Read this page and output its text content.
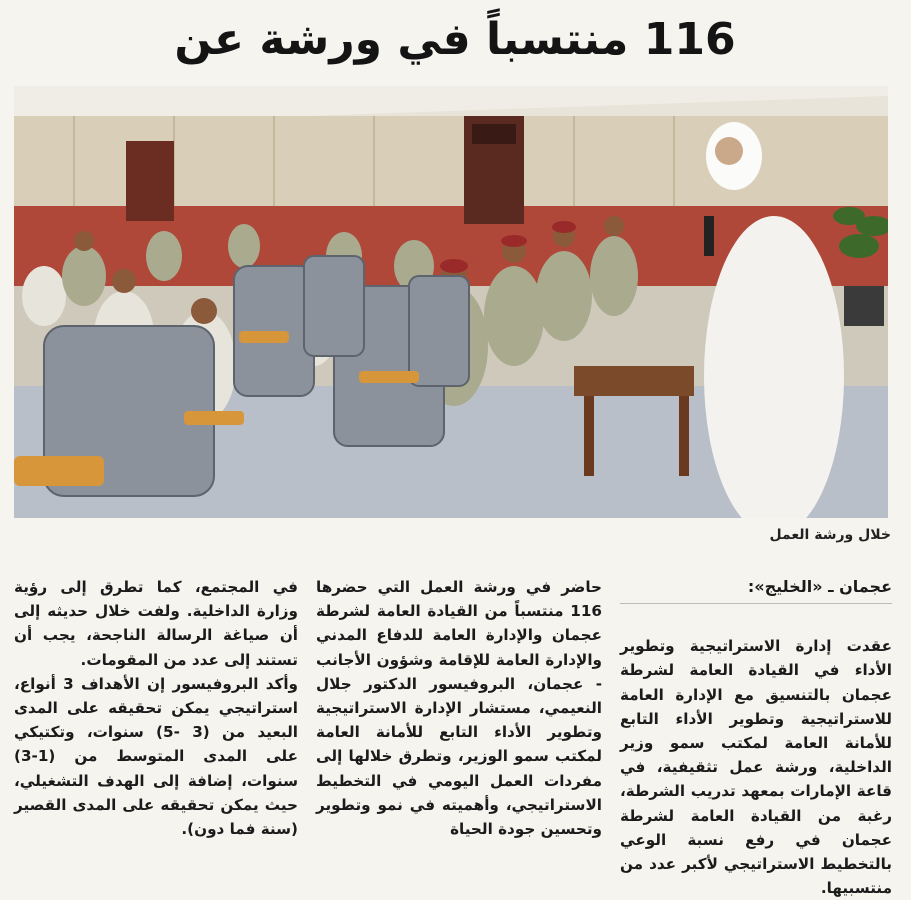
116 منتسباً في ورشة عن
خلال ورشة العمل
عجمان ـ «الخليج»:

عقدت إدارة الاستراتيجية وتطوير الأداء في القيادة العامة لشرطة عجمان بالتنسيق مع الإدارة العامة للاستراتيجية وتطوير الأداء التابع للأمانة العامة لمكتب سمو وزير الداخلية، ورشة عمل تثقيفية، في قاعة الإمارات بمعهد تدريب الشرطة، رغبة من القيادة العامة لشرطة عجمان في رفع نسبة الوعي بالتخطيط الاستراتيجي لأكبر عدد من منتسبيها.

حاضر في ورشة العمل التي حضرها 116 منتسباً من القيادة العامة لشرطة عجمان والإدارة العامة للدفاع المدني والإدارة العامة للإقامة وشؤون الأجانب - عجمان، البروفيسور الدكتور جلال النعيمي، مستشار الإدارة الاستراتيجية وتطوير الأداء التابع للأمانة العامة لمكتب سمو الوزير، وتطرق خلالها إلى مفردات العمل اليومي في التخطيط الاستراتيجي، وأهميته في نمو وتطوير وتحسين جودة الحياة

في المجتمع، كما تطرق إلى رؤية وزارة الداخلية. ولفت خلال حديثه إلى أن صياغة الرسالة الناجحة، يجب أن تستند إلى عدد من المقومات.

وأكد البروفيسور إن الأهداف 3 أنواع، استراتيجي يمكن تحقيقه على المدى البعيد من (3 -5) سنوات، وتكتيكي على المدى المتوسط من (1-3) سنوات، إضافة إلى الهدف التشغيلي، حيث يمكن تحقيقه على المدى القصير (سنة فما دون).
